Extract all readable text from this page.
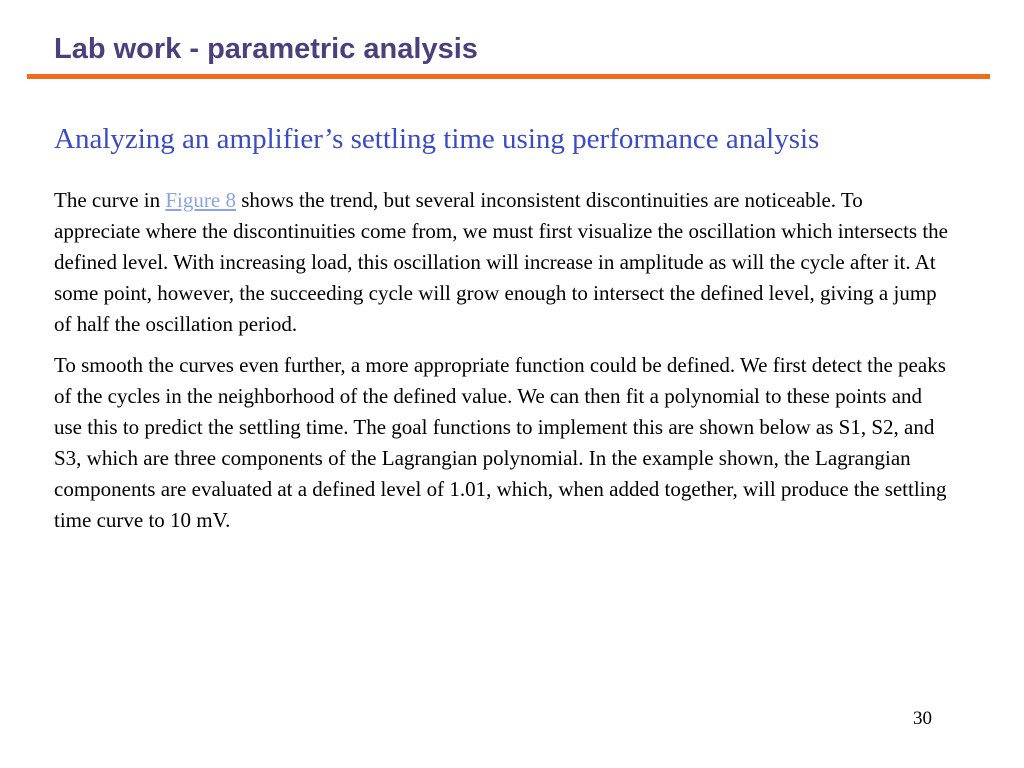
Lab work - parametric analysis
Analyzing an amplifier’s settling time using performance analysis

The curve in Figure 8 shows the trend, but several inconsistent discontinuities are noticeable. To appreciate where the discontinuities come from, we must first visualize the oscillation which intersects the defined level. With increasing load, this oscillation will increase in amplitude as will the cycle after it. At some point, however, the succeeding cycle will grow enough to intersect the defined level, giving a jump of half the oscillation period.

To smooth the curves even further, a more appropriate function could be defined. We first detect the peaks of the cycles in the neighborhood of the defined value. We can then fit a polynomial to these points and use this to predict the settling time. The goal functions to implement this are shown below as S1, S2, and S3, which are three components of the Lagrangian polynomial. In the example shown, the Lagrangian components are evaluated at a defined level of 1.01, which, when added together, will produce the settling time curve to 10 mV.

30
